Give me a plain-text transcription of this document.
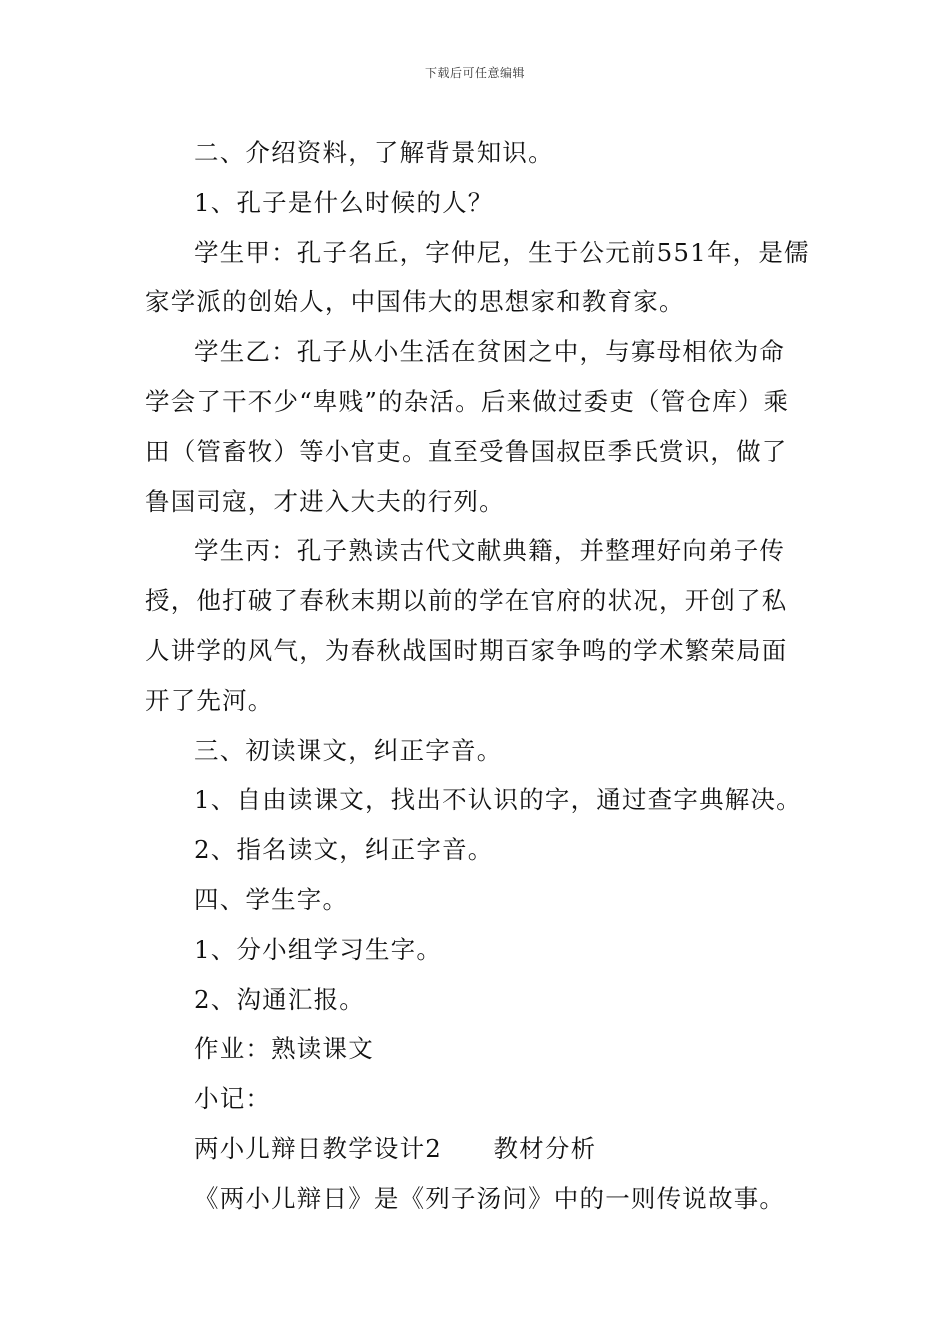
下载后可任意编辑

二、介绍资料，了解背景知识。

1、孔子是什么时候的人？

学生甲：孔子名丘，字仲尼，生于公元前551年，是儒家学派的创始人，中国伟大的思想家和教育家。

学生乙：孔子从小生活在贫困之中，与寡母相依为命学会了干不少“卑贱”的杂活。后来做过委吏（管仓库）乘田（管畜牧）等小官吏。直至受鲁国叔臣季氏赏识，做了鲁国司寇，才进入大夫的行列。

学生丙：孔子熟读古代文献典籍，并整理好向弟子传授，他打破了春秋末期以前的学在官府的状况，开创了私人讲学的风气，为春秋战国时期百家争鸣的学术繁荣局面开了先河。

三、初读课文，纠正字音。

1、自由读课文，找出不认识的字，通过查字典解决。

2、指名读文，纠正字音。

四、学生字。

1、分小组学习生字。

2、沟通汇报。

作业：熟读课文

小记：

两小儿辩日教学设计2　　教材分析

《两小儿辩日》是《列子汤问》中的一则传说故事。
